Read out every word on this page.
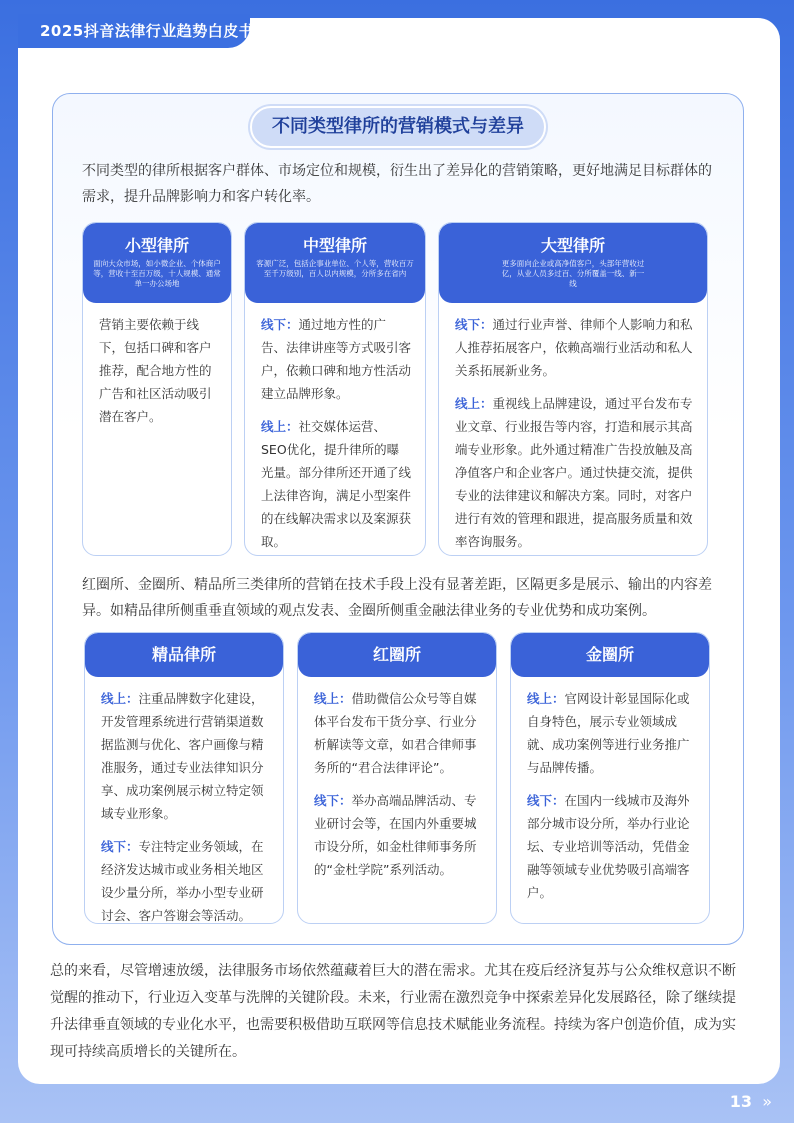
2025抖音法律行业趋势白皮书
不同类型律所的营销模式与差异
不同类型的律所根据客户群体、市场定位和规模，衍生出了差异化的营销策略，更好地满足目标群体的需求，提升品牌影响力和客户转化率。
小型律所
面向大众市场，如小微企业、个体商户等，营收十至百万级，十人规模、通常单一办公场地

营销主要依赖于线下，包括口碑和客户推荐，配合地方性的广告和社区活动吸引潜在客户。

中型律所
客源广泛，包括企事业单位、个人等，营收百万至千万级别，百人以内规模，分所多在省内

线下：通过地方性的广告、法律讲座等方式吸引客户，依赖口碑和地方性活动建立品牌形象。

线上：社交媒体运营、SEO优化，提升律所的曝光量。部分律所还开通了线上法律咨询，满足小型案件的在线解决需求以及案源获取。

大型律所
更多面向企业或高净值客户，头部年营收过亿，从业人员多过百、分所覆盖一线、新一线

线下：通过行业声誉、律师个人影响力和私人推荐拓展客户，依赖高端行业活动和私人关系拓展新业务。

线上：重视线上品牌建设，通过平台发布专业文章、行业报告等内容，打造和展示其高端专业形象。此外通过精准广告投放触及高净值客户和企业客户。通过快捷交流，提供专业的法律建议和解决方案。同时，对客户进行有效的管理和跟进，提高服务质量和效率咨询服务。

红圈所、金圈所、精品所三类律所的营销在技术手段上没有显著差距，区隔更多是展示、输出的内容差异。如精品律所侧重垂直领域的观点发表、金圈所侧重金融法律业务的专业优势和成功案例。
精品律所

线上：注重品牌数字化建设，开发管理系统进行营销渠道数据监测与优化、客户画像与精准服务，通过专业法律知识分享、成功案例展示树立特定领域专业形象。

线下：专注特定业务领域，在经济发达城市或业务相关地区设少量分所，举办小型专业研讨会、客户答谢会等活动。

红圈所

线上：借助微信公众号等自媒体平台发布干货分享、行业分析解读等文章，如君合律师事务所的“君合法律评论”。

线下：举办高端品牌活动、专业研讨会等，在国内外重要城市设分所，如金杜律师事务所的“金杜学院”系列活动。

金圈所

线上：官网设计彰显国际化或自身特色，展示专业领域成就、成功案例等进行业务推广与品牌传播。

线下：在国内一线城市及海外部分城市设分所，举办行业论坛、专业培训等活动，凭借金融等领域专业优势吸引高端客户。

总的来看，尽管增速放缓，法律服务市场依然蕴藏着巨大的潜在需求。尤其在疫后经济复苏与公众维权意识不断觉醒的推动下，行业迈入变革与洗牌的关键阶段。未来，行业需在激烈竞争中探索差异化发展路径，除了继续提升法律垂直领域的专业化水平，也需要积极借助互联网等信息技术赋能业务流程。持续为客户创造价值，成为实现可持续高质增长的关键所在。
13 »
